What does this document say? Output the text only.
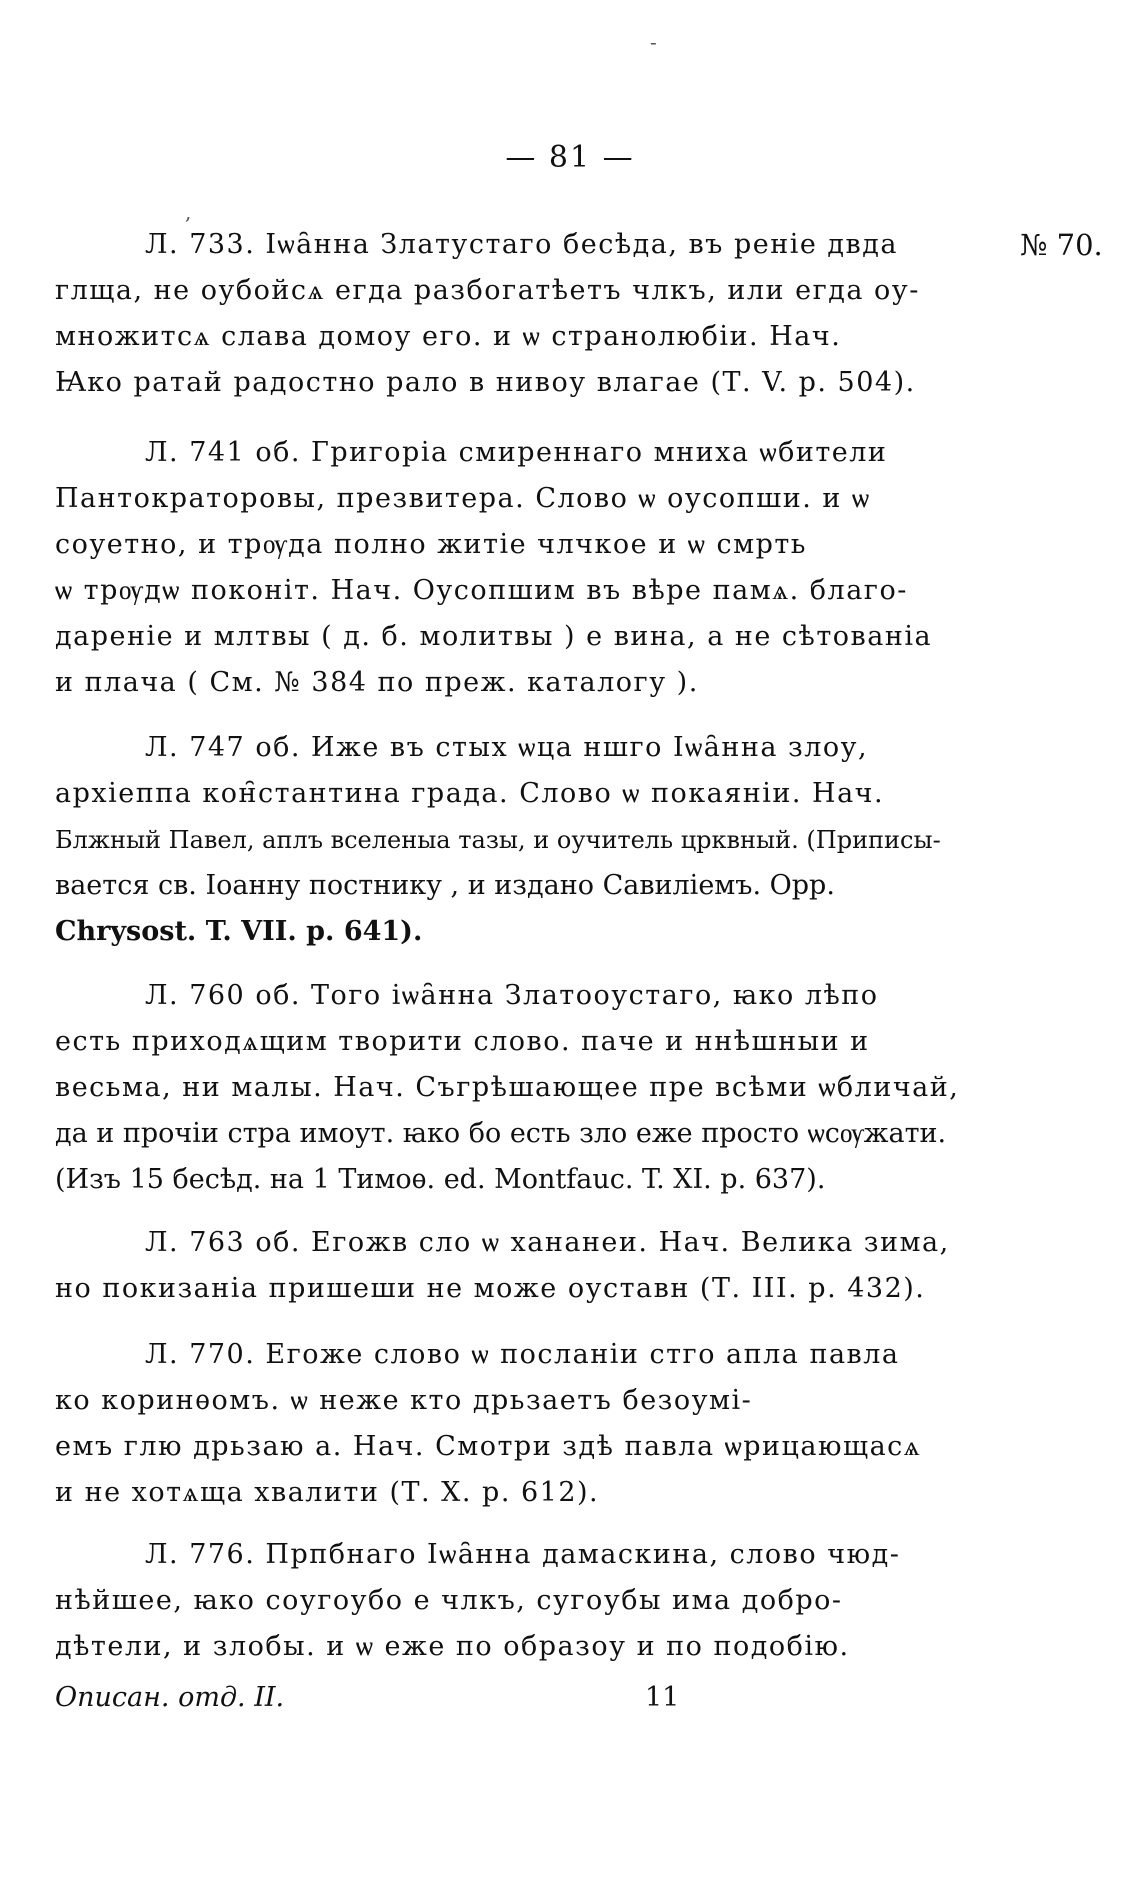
-
,
— 81 —
Л. 733. Іѡа̑нна Златустаго бесѣда, въ реніе двда
глща, не оубойсѧ егда разбогатѣетъ члкъ, или егда оу-
множитсѧ слава домоу его. и ѡ странолюбіи. Нач.
Ꙗко ратай радостно рало в нивоу влагае (Т. V. p. 504).
№ 70.
Л. 741 об. Григоріа смиреннаго мниха ѡбители
Пантократоровы, презвитера. Слово ѡ оусопши. и ѡ
соуетно, и трѹда полно житіе члчкое и ѡ смрть
ѡ трѹдѡ поконіт. Нач. Оусопшим въ вѣре памѧ. благо-
дареніе и млтвы ( д. б. молитвы ) е вина, а не сѣтованіа
и плача ( См. № 384 по преж. каталогу ).
Л. 747 об. Иже въ стых ѡца ншго Іѡа̑нна злоу,
архіеппа кон̑стантина града. Слово ѡ покаяніи. Нач.
Блжный Павел, аплъ вселеныа тазы, и оучитель црквный. (Приписы-
вается св. Іоанну постнику , и издано Савиліемъ. Opp.
Chrysost. T. VII. p. 641).
Л. 760 об. Того іѡа̑нна Златооустаго, ꙗко лѣпо
есть приходѧщим творити слово. паче и ннѣшныи и
весьма, ни малы. Нач. Съгрѣшающее пре всѣми ѡбличай,
да и прочіи стра имоут. ꙗко бо есть зло еже просто ѡсѹжати.
(Изъ 15 бесѣд. на 1 Тимоѳ. ed. Montfauc. T. XI. p. 637).
Л. 763 об. Егожв сло ѡ хананеи. Нач. Велика зима,
но покизаніа пришеши не може оуставн (Т. III. p. 432).
Л. 770. Егоже слово ѡ посланіи стго апла павла
ко коринѳомъ. ѡ неже кто дрьзаетъ безоумі-
емъ глю дрьзаю а. Нач. Смотри здѣ павла ѡрицающасѧ
и не хотѧща хвалити (Т. X. p. 612).
Л. 776. Прпбнаго Іѡа̑нна дамаскина, слово чюд-
нѣйшее, ꙗко соугоубо е члкъ, сугоубы има добро-
дѣтели, и злобы. и ѡ еже по образоу и по подобію.
Описан. отд. II.	11
